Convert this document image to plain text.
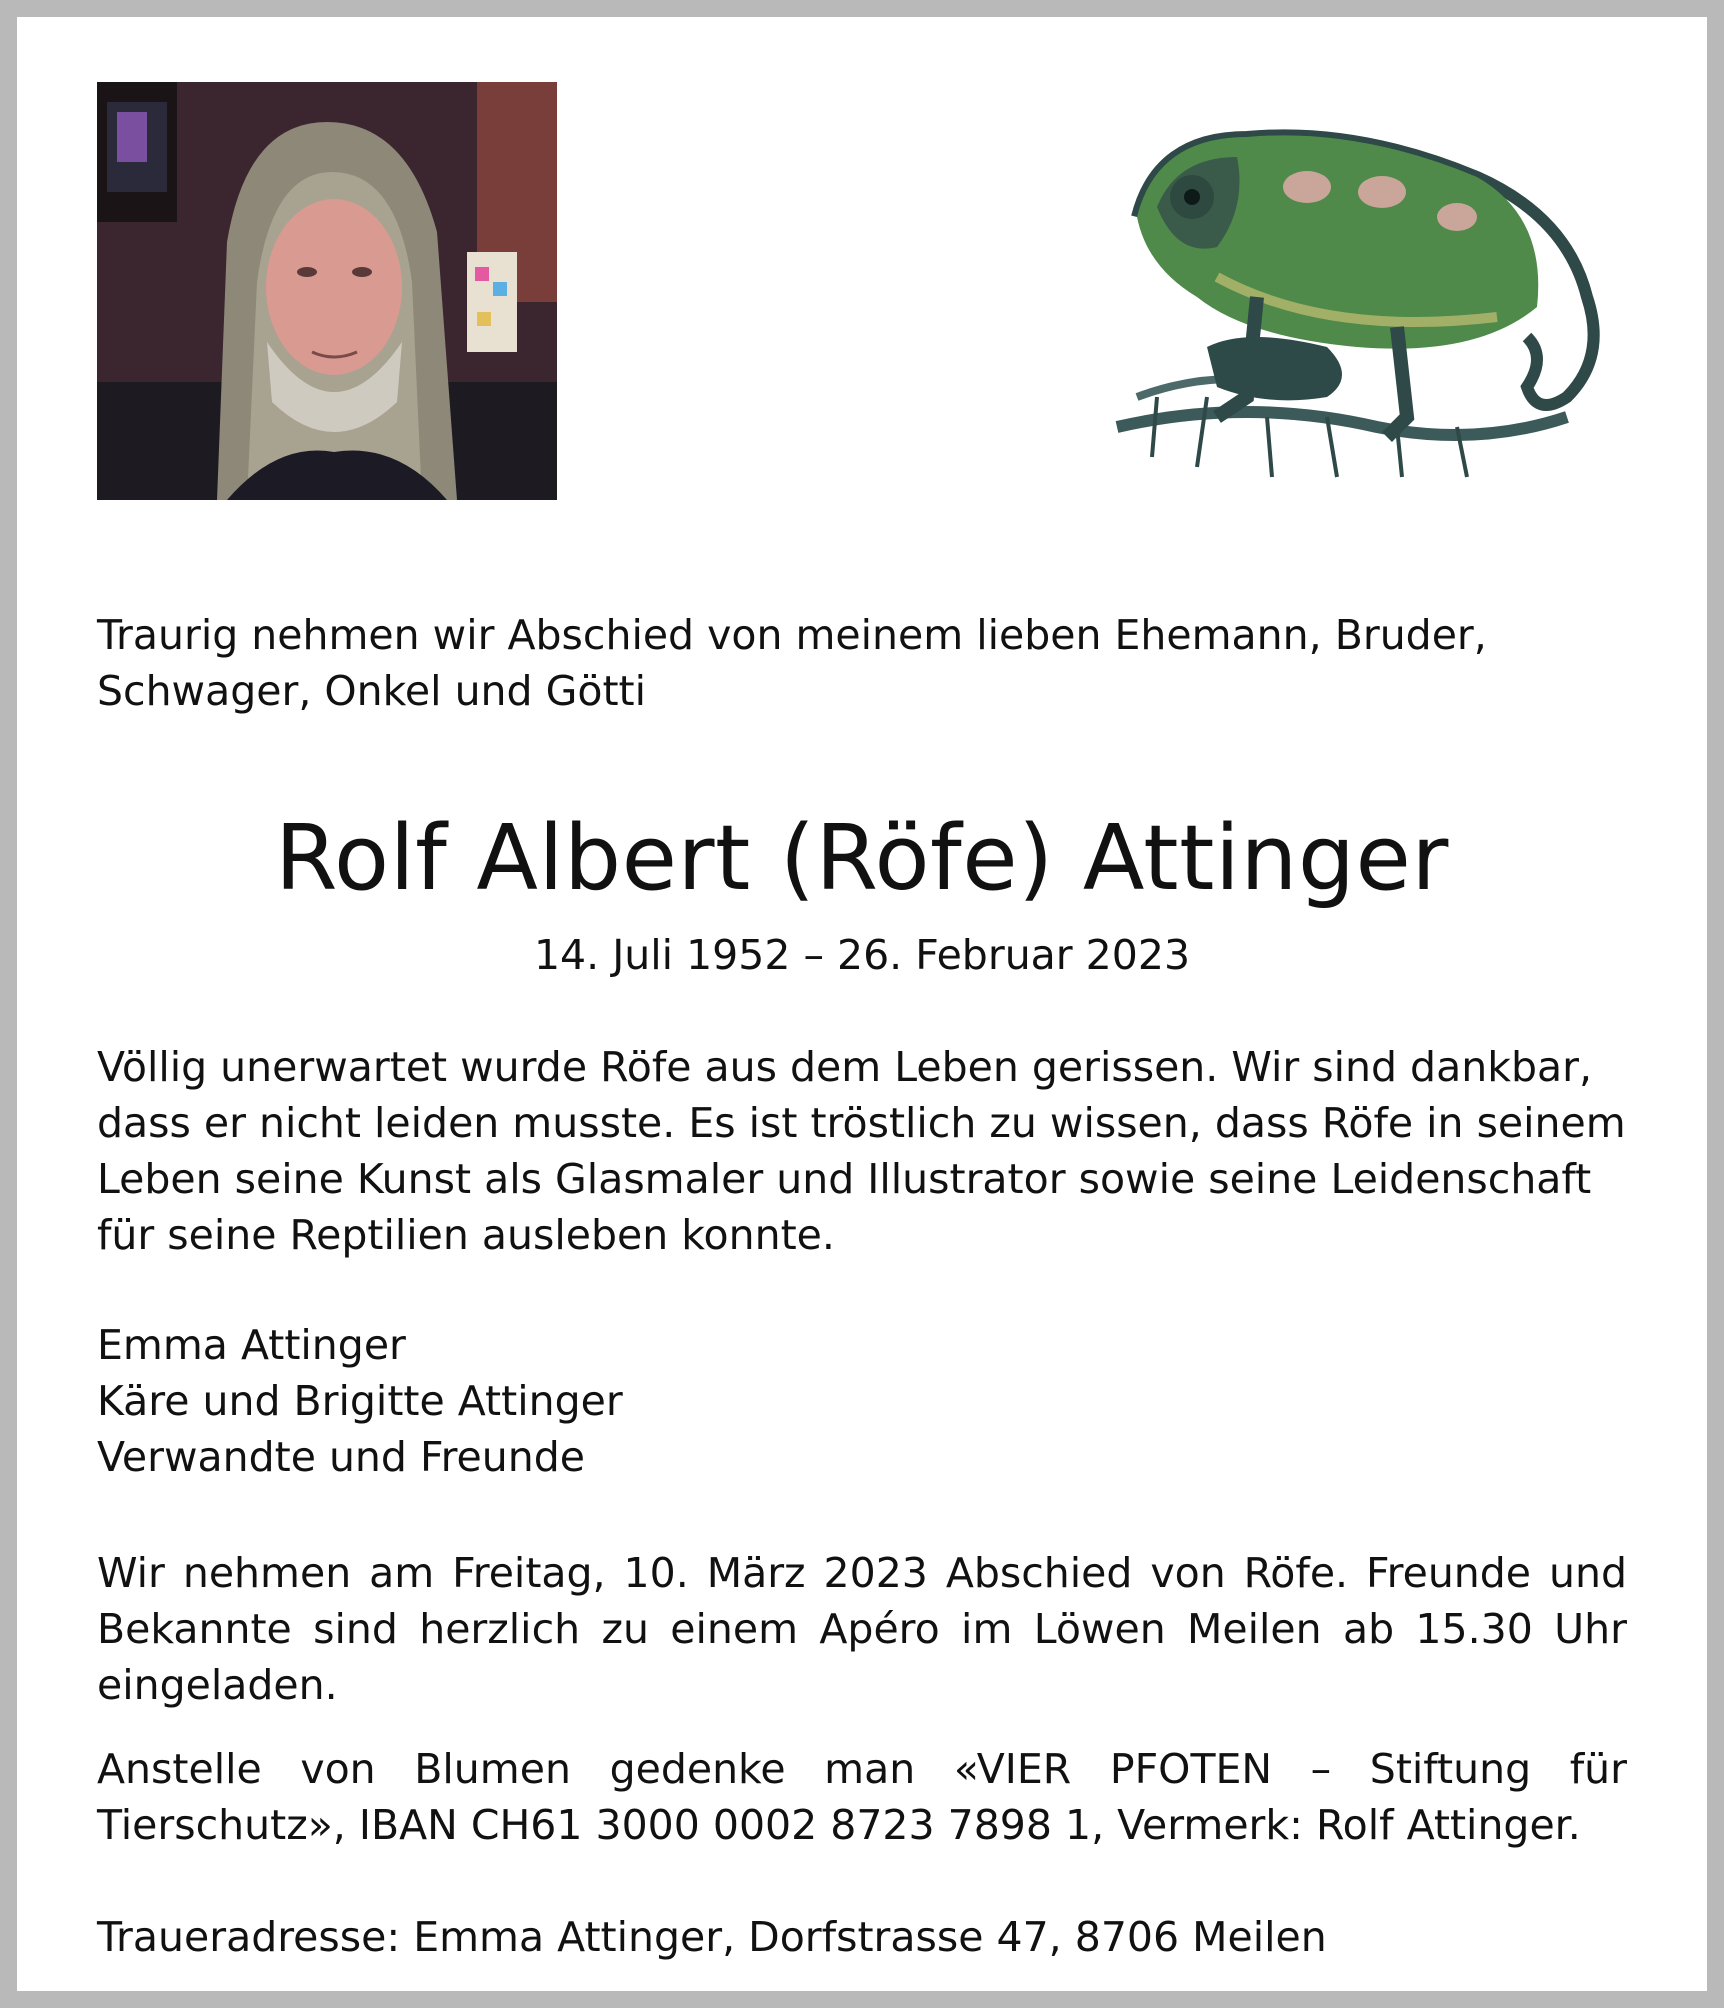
Traurig nehmen wir Abschied von meinem lieben Ehemann, Bruder, Schwager, Onkel und Götti

Rolf Albert (Röfe) Attinger
14. Juli 1952 – 26. Februar 2023

Völlig unerwartet wurde Röfe aus dem Leben gerissen. Wir sind dankbar, dass er nicht leiden musste. Es ist tröstlich zu wissen, dass Röfe in seinem Leben seine Kunst als Glasmaler und Illustrator sowie seine Leidenschaft für seine Reptilien ausleben konnte.

Emma Attinger
Käre und Brigitte Attinger
Verwandte und Freunde

Wir nehmen am Freitag, 10. März 2023 Abschied von Röfe. Freunde und Bekannte sind herzlich zu einem Apéro im Löwen Meilen ab 15.30 Uhr eingeladen.

Anstelle von Blumen gedenke man «VIER PFOTEN – Stiftung für Tierschutz», IBAN CH61 3000 0002 8723 7898 1, Vermerk: Rolf Attinger.

Traueradresse: Emma Attinger, Dorfstrasse 47, 8706 Meilen
